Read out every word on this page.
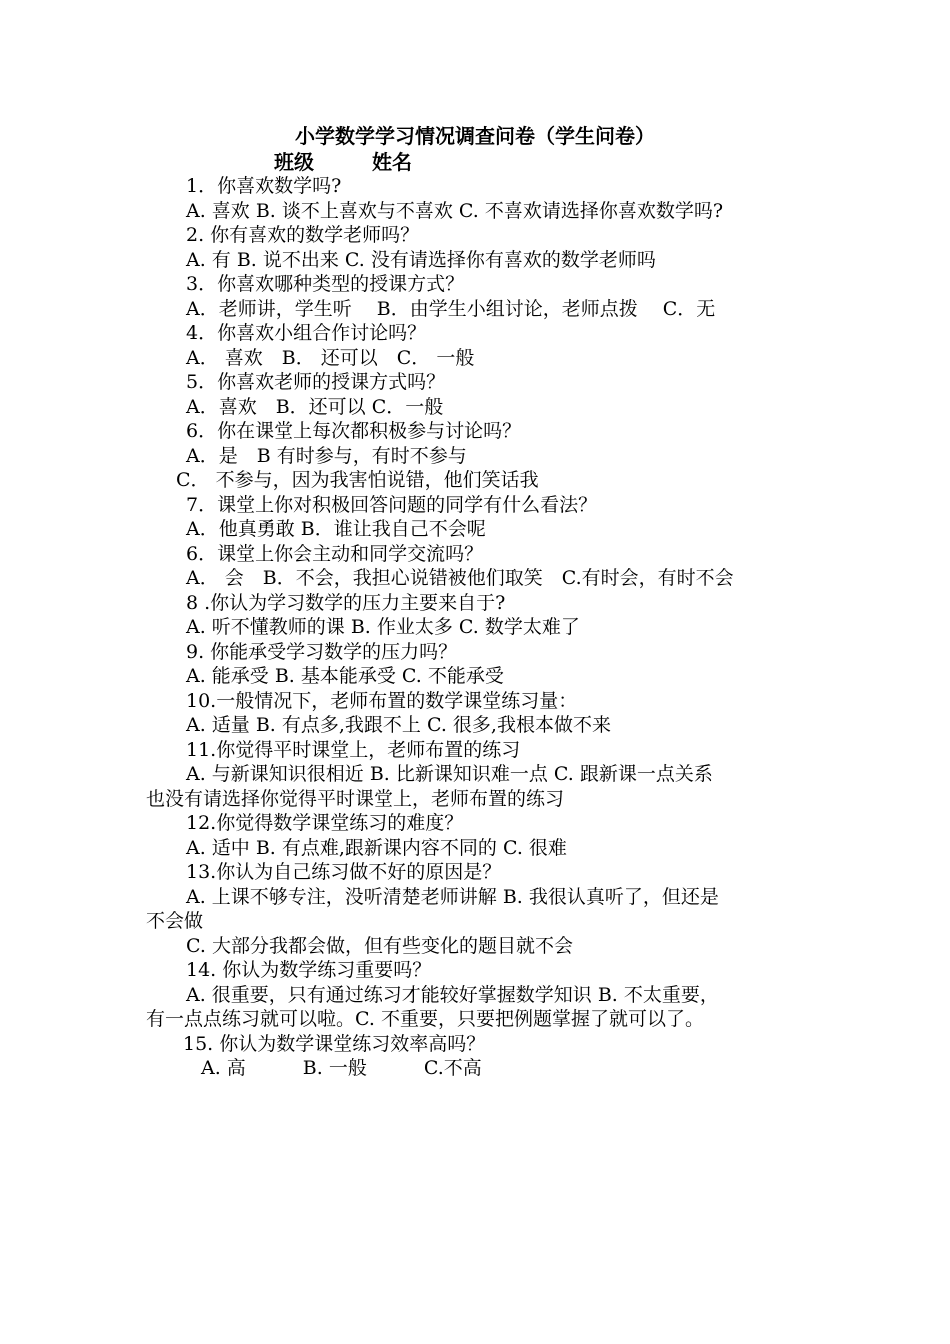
小学数学学习情况调查问卷（学生问卷）
班级	姓名
1．你喜欢数学吗?
A. 喜欢 B. 谈不上喜欢与不喜欢 C. 不喜欢请选择你喜欢数学吗?
2. 你有喜欢的数学老师吗？
A. 有 B. 说不出来 C. 没有请选择你有喜欢的数学老师吗
3．你喜欢哪种类型的授课方式？
A．老师讲，学生听　 B．由学生小组讨论，老师点拨　 C．无
4．你喜欢小组合作讨论吗？
A． 喜欢　B． 还可以　C． 一般
5．你喜欢老师的授课方式吗？
A．喜欢　B．还可以 C．一般
6．你在课堂上每次都积极参与讨论吗？
A．是　B 有时参与，有时不参与
C． 不参与，因为我害怕说错，他们笑话我
7．课堂上你对积极回答问题的同学有什么看法？
A．他真勇敢 B．谁让我自己不会呢
6．课堂上你会主动和同学交流吗？
A． 会　B．不会，我担心说错被他们取笑　C.有时会，有时不会
8 .你认为学习数学的压力主要来自于?
A. 听不懂教师的课 B. 作业太多 C. 数学太难了
9. 你能承受学习数学的压力吗？
A. 能承受 B. 基本能承受 C. 不能承受
10.一般情况下，老师布置的数学课堂练习量：
A. 适量 B. 有点多,我跟不上 C. 很多,我根本做不来
11.你觉得平时课堂上，老师布置的练习
A. 与新课知识很相近 B. 比新课知识难一点 C. 跟新课一点关系
也没有请选择你觉得平时课堂上，老师布置的练习
12.你觉得数学课堂练习的难度？
A. 适中 B. 有点难,跟新课内容不同的 C. 很难
13.你认为自己练习做不好的原因是？
A. 上课不够专注，没听清楚老师讲解 B. 我很认真听了，但还是
不会做
C. 大部分我都会做，但有些变化的题目就不会
14. 你认为数学练习重要吗？
A. 很重要，只有通过练习才能较好掌握数学知识 B. 不太重要，
有一点点练习就可以啦。C. 不重要，只要把例题掌握了就可以了。
15. 你认为数学课堂练习效率高吗？
A. 高　　　B. 一般　　　C.不高
